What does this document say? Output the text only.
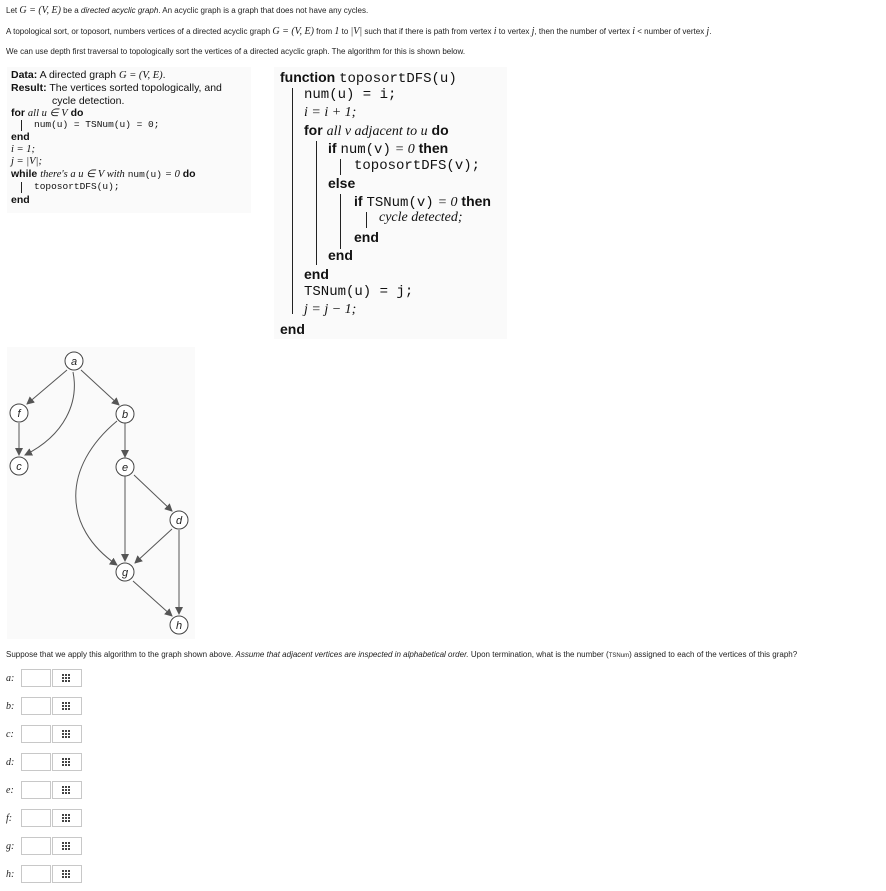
Let G = (V, E) be a directed acyclic graph. An acyclic graph is a graph that does not have any cycles.
A topological sort, or toposort, numbers vertices of a directed acyclic graph G = (V, E) from 1 to |V| such that if there is path from vertex i to vertex j, then the number of vertex i < number of vertex j.
We can use depth first traversal to topologically sort the vertices of a directed acyclic graph. The algorithm for this is shown below.
Data: A directed graph G = (V, E).
Result: The vertices sorted topologically, and
cycle detection.
for all u ∈ V do
num(u) = TSNum(u) = 0;
end
i = 1;
j = |V|;
while there's a u ∈ V with num(u) = 0 do
toposortDFS(u);
end
function toposortDFS(u)
num(u) = i;
i = i + 1;
for all v adjacent to u do
if num(v) = 0 then
toposortDFS(v);
else
if TSNum(v) = 0 then
cycle detected;
end
end
end
TSNum(u) = j;
j = j − 1;
end
a
b
c
d
e
f
g
h
Suppose that we apply this algorithm to the graph shown above. Assume that adjacent vertices are inspected in alphabetical order. Upon termination, what is the number (TSNum) assigned to each of the vertices of this graph?
a:
b:
c:
d:
e:
f:
g:
h:
